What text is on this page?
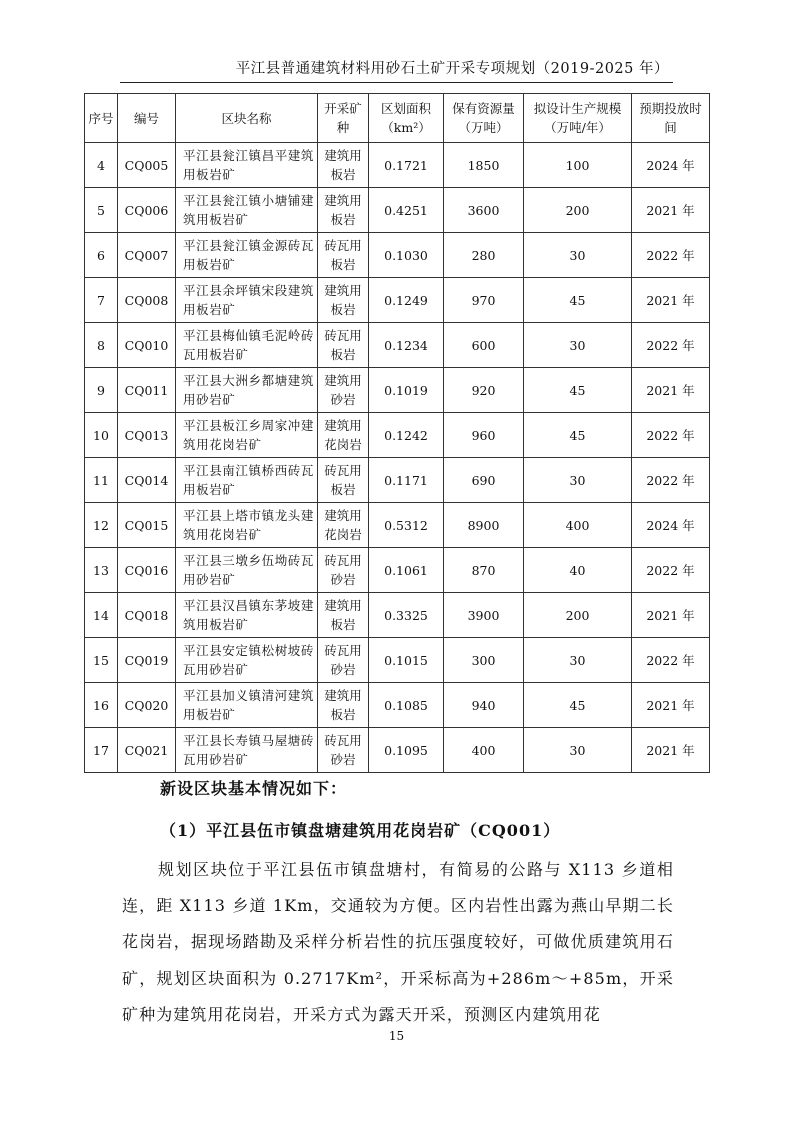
平江县普通建筑材料用砂石土矿开采专项规划（2019-2025 年）
序号	编号	区块名称	开采矿种	区划面积（km²）	保有资源量（万吨）	拟设计生产规模（万吨/年）	预期投放时间
4	CQ005	平江县瓮江镇昌平建筑用板岩矿	建筑用板岩	0.1721	1850	100	2024 年
5	CQ006	平江县瓮江镇小塘铺建筑用板岩矿	建筑用板岩	0.4251	3600	200	2021 年
6	CQ007	平江县瓮江镇金源砖瓦用板岩矿	砖瓦用板岩	0.1030	280	30	2022 年
7	CQ008	平江县余坪镇宋段建筑用板岩矿	建筑用板岩	0.1249	970	45	2021 年
8	CQ010	平江县梅仙镇毛泥岭砖瓦用板岩矿	砖瓦用板岩	0.1234	600	30	2022 年
9	CQ011	平江县大洲乡都塘建筑用砂岩矿	建筑用砂岩	0.1019	920	45	2021 年
10	CQ013	平江县板江乡周家冲建筑用花岗岩矿	建筑用花岗岩	0.1242	960	45	2022 年
11	CQ014	平江县南江镇桥西砖瓦用板岩矿	砖瓦用板岩	0.1171	690	30	2022 年
12	CQ015	平江县上塔市镇龙头建筑用花岗岩矿	建筑用花岗岩	0.5312	8900	400	2024 年
13	CQ016	平江县三墩乡伍坳砖瓦用砂岩矿	砖瓦用砂岩	0.1061	870	40	2022 年
14	CQ018	平江县汉昌镇东茅坡建筑用板岩矿	建筑用板岩	0.3325	3900	200	2021 年
15	CQ019	平江县安定镇松树坡砖瓦用砂岩矿	砖瓦用砂岩	0.1015	300	30	2022 年
16	CQ020	平江县加义镇清河建筑用板岩矿	建筑用板岩	0.1085	940	45	2021 年
17	CQ021	平江县长寿镇马屋塘砖瓦用砂岩矿	砖瓦用砂岩	0.1095	400	30	2021 年
新设区块基本情况如下：
（1）平江县伍市镇盘塘建筑用花岗岩矿（CQ001）

规划区块位于平江县伍市镇盘塘村，有简易的公路与 X113 乡道相连，距 X113 乡道 1Km，交通较为方便。区内岩性出露为燕山早期二长花岗岩，据现场踏勘及采样分析岩性的抗压强度较好，可做优质建筑用石矿，规划区块面积为 0.2717Km²，开采标高为+286m～+85m，开采矿种为建筑用花岗岩，开采方式为露天开采，预测区内建筑用花

15
